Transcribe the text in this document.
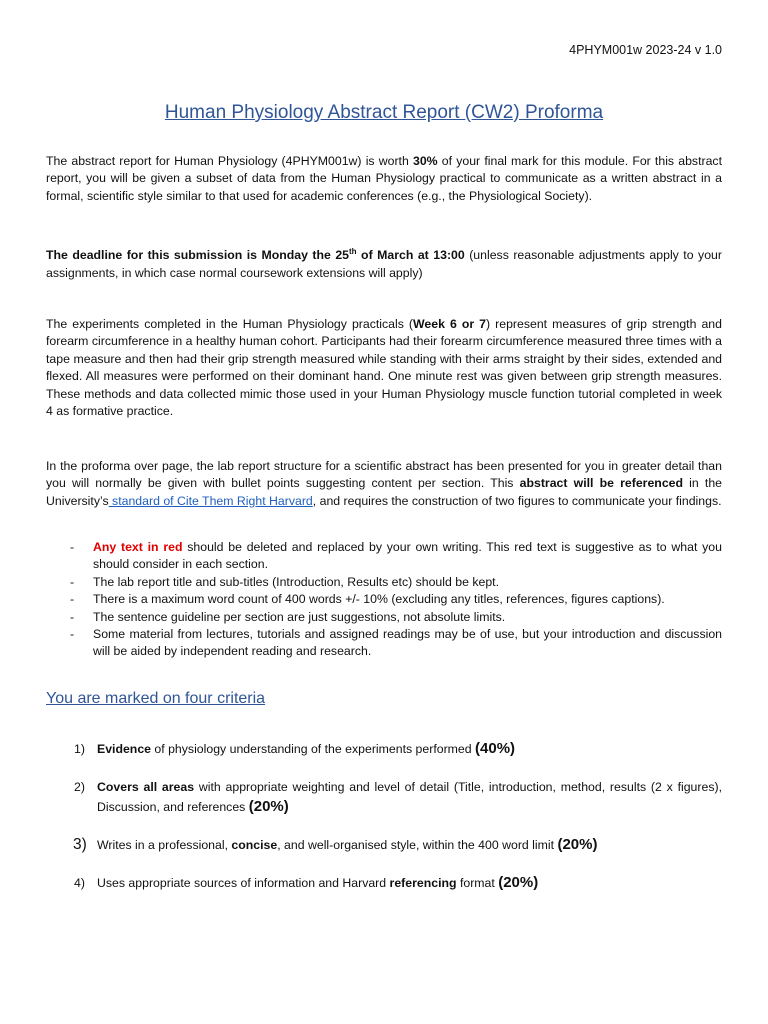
4PHYM001w 2023-24 v 1.0
Human Physiology Abstract Report (CW2) Proforma

The abstract report for Human Physiology (4PHYM001w) is worth 30% of your final mark for this module. For this abstract report, you will be given a subset of data from the Human Physiology practical to communicate as a written abstract in a formal, scientific style similar to that used for academic conferences (e.g., the Physiological Society).

The deadline for this submission is Monday the 25th of March at 13:00 (unless reasonable adjustments apply to your assignments, in which case normal coursework extensions will apply)

The experiments completed in the Human Physiology practicals (Week 6 or 7) represent measures of grip strength and forearm circumference in a healthy human cohort. Participants had their forearm circumference measured three times with a tape measure and then had their grip strength measured while standing with their arms straight by their sides, extended and flexed. All measures were performed on their dominant hand. One minute rest was given between grip strength measures. These methods and data collected mimic those used in your Human Physiology muscle function tutorial completed in week 4 as formative practice.

In the proforma over page, the lab report structure for a scientific abstract has been presented for you in greater detail than you will normally be given with bullet points suggesting content per section. This abstract will be referenced in the University’s standard of Cite Them Right Harvard, and requires the construction of two figures to communicate your findings.

- Any text in red should be deleted and replaced by your own writing. This red text is suggestive as to what you should consider in each section.
- The lab report title and sub-titles (Introduction, Results etc) should be kept.
- There is a maximum word count of 400 words +/- 10% (excluding any titles, references, figures captions).
- The sentence guideline per section are just suggestions, not absolute limits.
- Some material from lectures, tutorials and assigned readings may be of use, but your introduction and discussion will be aided by independent reading and research.
You are marked on four criteria
1) Evidence of physiology understanding of the experiments performed (40%)
2) Covers all areas with appropriate weighting and level of detail (Title, introduction, method, results (2 x figures), Discussion, and references (20%)
3) Writes in a professional, concise, and well-organised style, within the 400 word limit (20%)
4) Uses appropriate sources of information and Harvard referencing format (20%)
